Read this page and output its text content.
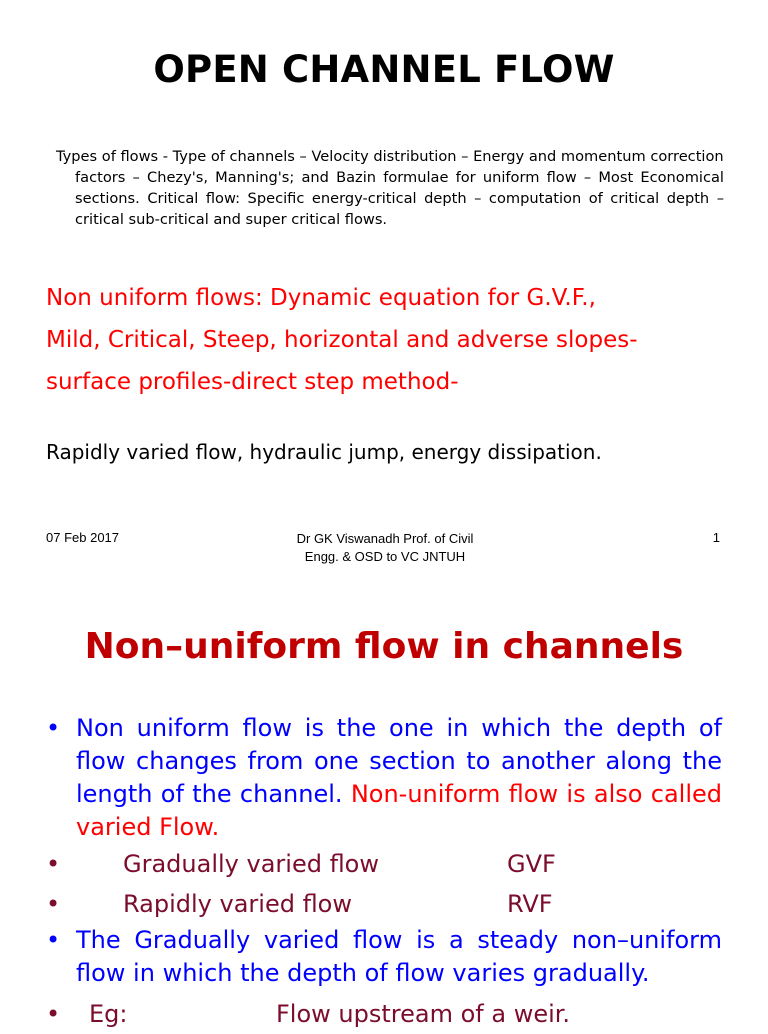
OPEN CHANNEL FLOW
Types of flows - Type of channels – Velocity distribution – Energy and momentum correction
factors – Chezy's, Manning's; and Bazin formulae for uniform flow – Most Economical sections. Critical flow: Specific energy-critical depth – computation of critical depth – critical sub-critical and super critical flows.
Non uniform flows: Dynamic equation for G.V.F.,
Mild, Critical, Steep, horizontal and adverse slopes-
surface profiles-direct step method-
Rapidly varied flow, hydraulic jump, energy dissipation.
07 Feb 2017	Dr GK Viswanadh Prof. of Civil
Engg. & OSD to VC JNTUH
1
Non–uniform flow in channels
• Non uniform flow is the one in which the depth of flow changes from one section to another along the length of the channel. Non-uniform flow is also called varied Flow.
•	Gradually varied flow	GVF
•	Rapidly varied flow	RVF
• The Gradually varied flow is a steady non–uniform flow in which the depth of flow varies gradually.
• Eg:	Flow upstream of a weir.
